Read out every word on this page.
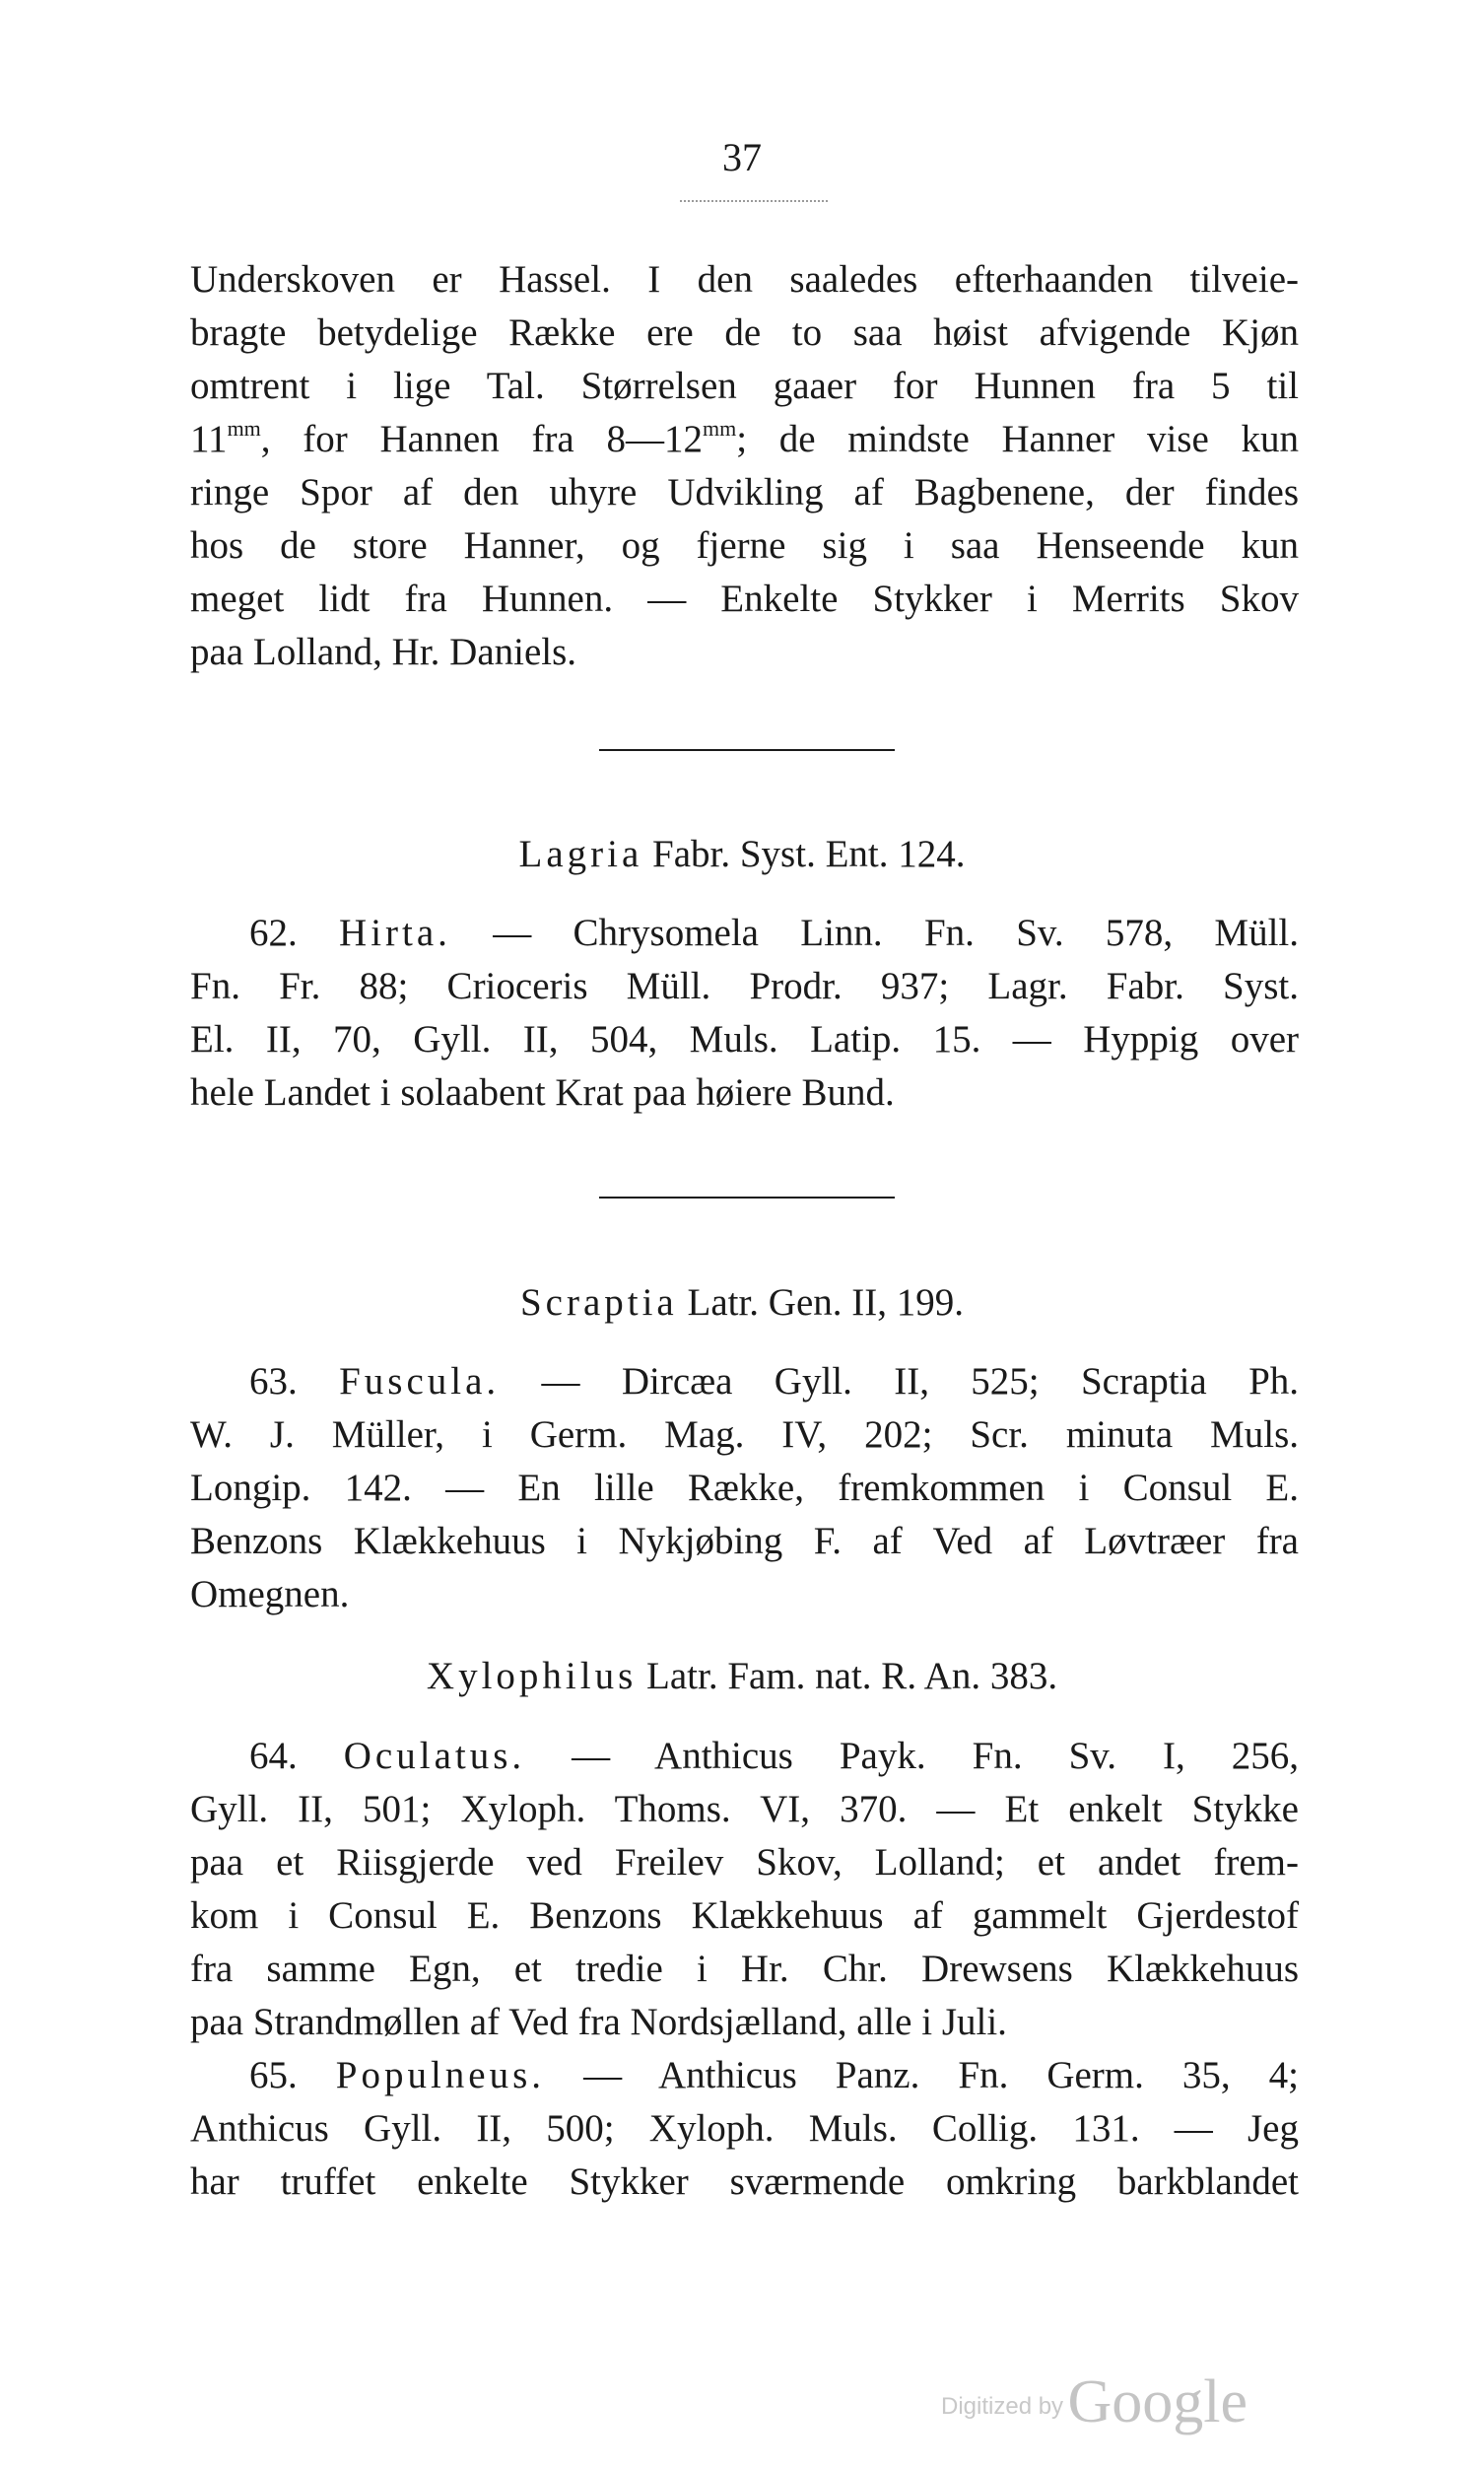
37
Underskoven er Hassel. I den saaledes efterhaanden tilveie-
bragte betydelige Række ere de to saa høist afvigende Kjøn
omtrent i lige Tal. Størrelsen gaaer for Hunnen fra 5 til
$11^{mm}$, for Hannen fra $8—12^{mm}$; de mindste Hanner vise kun
ringe Spor af den uhyre Udvikling af Bagbenene, der findes
hos de store Hanner, og fjerne sig i saa Henseende kun
meget lidt fra Hunnen. — Enkelte Stykker i Merrits Skov
paa Lolland, Hr. Daniels.
Lagria Fabr. Syst. Ent. 124.
62. Hirta. — Chrysomela Linn. Fn. Sv. 578, Müll.
Fn. Fr. 88; Crioceris Müll. Prodr. 937; Lagr. Fabr. Syst.
El. II, 70, Gyll. II, 504, Muls. Latip. 15. — Hyppig over
hele Landet i solaabent Krat paa høiere Bund.
Scraptia Latr. Gen. II, 199.
63. Fuscula. — Dircæa Gyll. II, 525; Scraptia Ph.
W. J. Müller, i Germ. Mag. IV, 202; Scr. minuta Muls.
Longip. 142. — En lille Række, fremkommen i Consul E.
Benzons Klækkehuus i Nykjøbing F. af Ved af Løvtræer fra
Omegnen.
Xylophilus Latr. Fam. nat. R. An. 383.
64. Oculatus. — Anthicus Payk. Fn. Sv. I, 256,
Gyll. II, 501; Xyloph. Thoms. VI, 370. — Et enkelt Stykke
paa et Riisgjerde ved Freilev Skov, Lolland; et andet frem-
kom i Consul E. Benzons Klækkehuus af gammelt Gjerdestof
fra samme Egn, et tredie i Hr. Chr. Drewsens Klækkehuus
paa Strandmøllen af Ved fra Nordsjælland, alle i Juli.
65. Populneus. — Anthicus Panz. Fn. Germ. 35, 4;
Anthicus Gyll. II, 500; Xyloph. Muls. Collig. 131. — Jeg
har truffet enkelte Stykker sværmende omkring barkblandet
Digitized by Google
